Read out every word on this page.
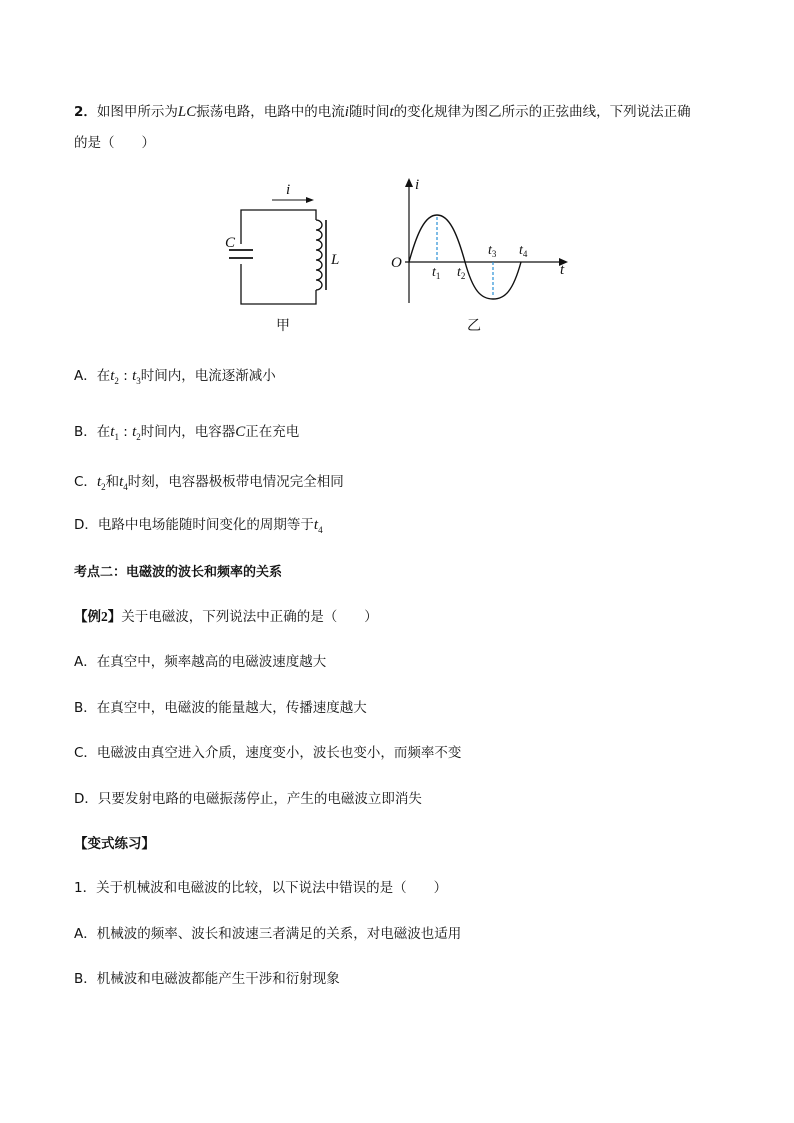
2．如图甲所示为LC振荡电路，电路中的电流i随时间t的变化规律为图乙所示的正弦曲线，下列说法正确
的是（　　）
i
C
L
甲
i
t
O
$t_1$ $t_2$
$t_3$ $t_4$
乙
A．在$t_2$ : $t_3$时间内，电流逐渐减小
B．在$t_1$ : $t_2$时间内，电容器C正在充电
C．$t_2$和$t_4$时刻，电容器极板带电情况完全相同
D．电路中电场能随时间变化的周期等于$t_4$
考点二：电磁波的波长和频率的关系
【例2】关于电磁波，下列说法中正确的是（　　）
A．在真空中，频率越高的电磁波速度越大
B．在真空中，电磁波的能量越大，传播速度越大
C．电磁波由真空进入介质，速度变小，波长也变小，而频率不变
D．只要发射电路的电磁振荡停止，产生的电磁波立即消失
【变式练习】
1．关于机械波和电磁波的比较，以下说法中错误的是（　　）
A．机械波的频率、波长和波速三者满足的关系，对电磁波也适用
B．机械波和电磁波都能产生干涉和衍射现象
